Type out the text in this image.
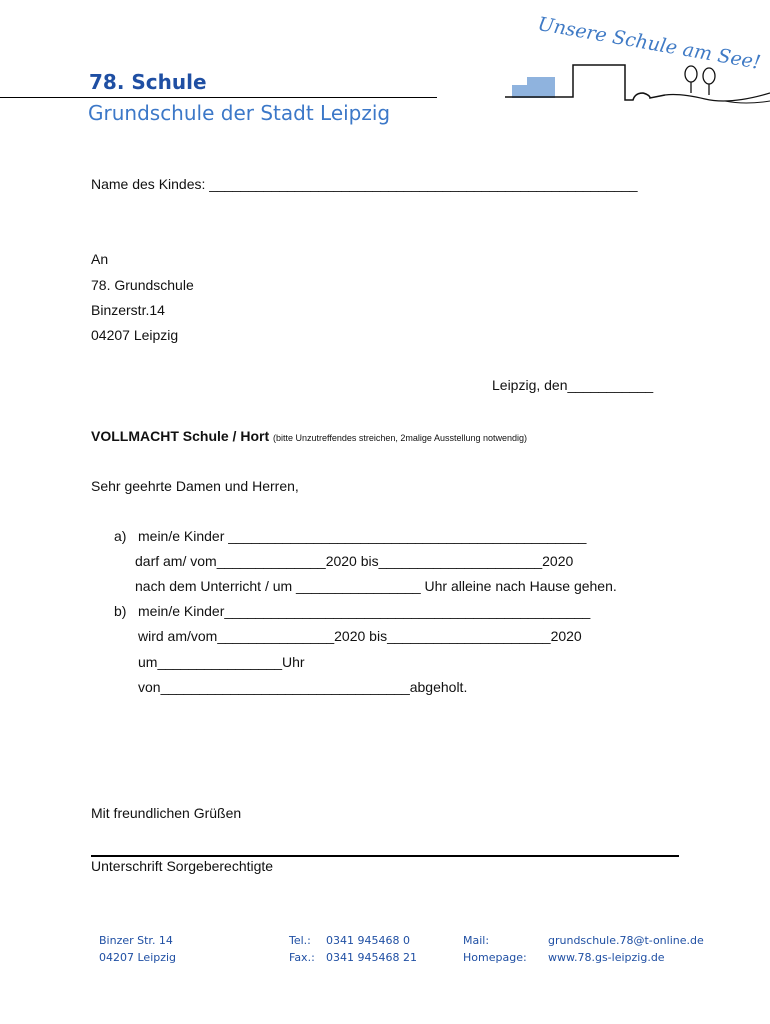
78. Schule
Grundschule der Stadt Leipzig
Unsere Schule am See!
Name des Kindes: _______________________________________________________
An
78. Grundschule
Binzerstr.14
04207 Leipzig
Leipzig, den___________
VOLLMACHT Schule / Hort (bitte Unzutreffendes streichen, 2malige Ausstellung notwendig)
Sehr geehrte Damen und Herren,
a) mein/e Kinder ______________________________________________
darf am/ vom______________2020 bis_____________________2020
nach dem Unterricht / um ________________ Uhr alleine nach Hause gehen.
b) mein/e Kinder_______________________________________________
wird am/vom_______________2020 bis_____________________2020
um________________Uhr
von________________________________abgeholt.
Mit freundlichen Grüßen
Unterschrift Sorgeberechtigte
Binzer Str. 14
04207 Leipzig
Tel.: 0341 945468 0
Fax.: 0341 945468 21
Mail:	grundschule.78@t-online.de
Homepage: www.78.gs-leipzig.de
